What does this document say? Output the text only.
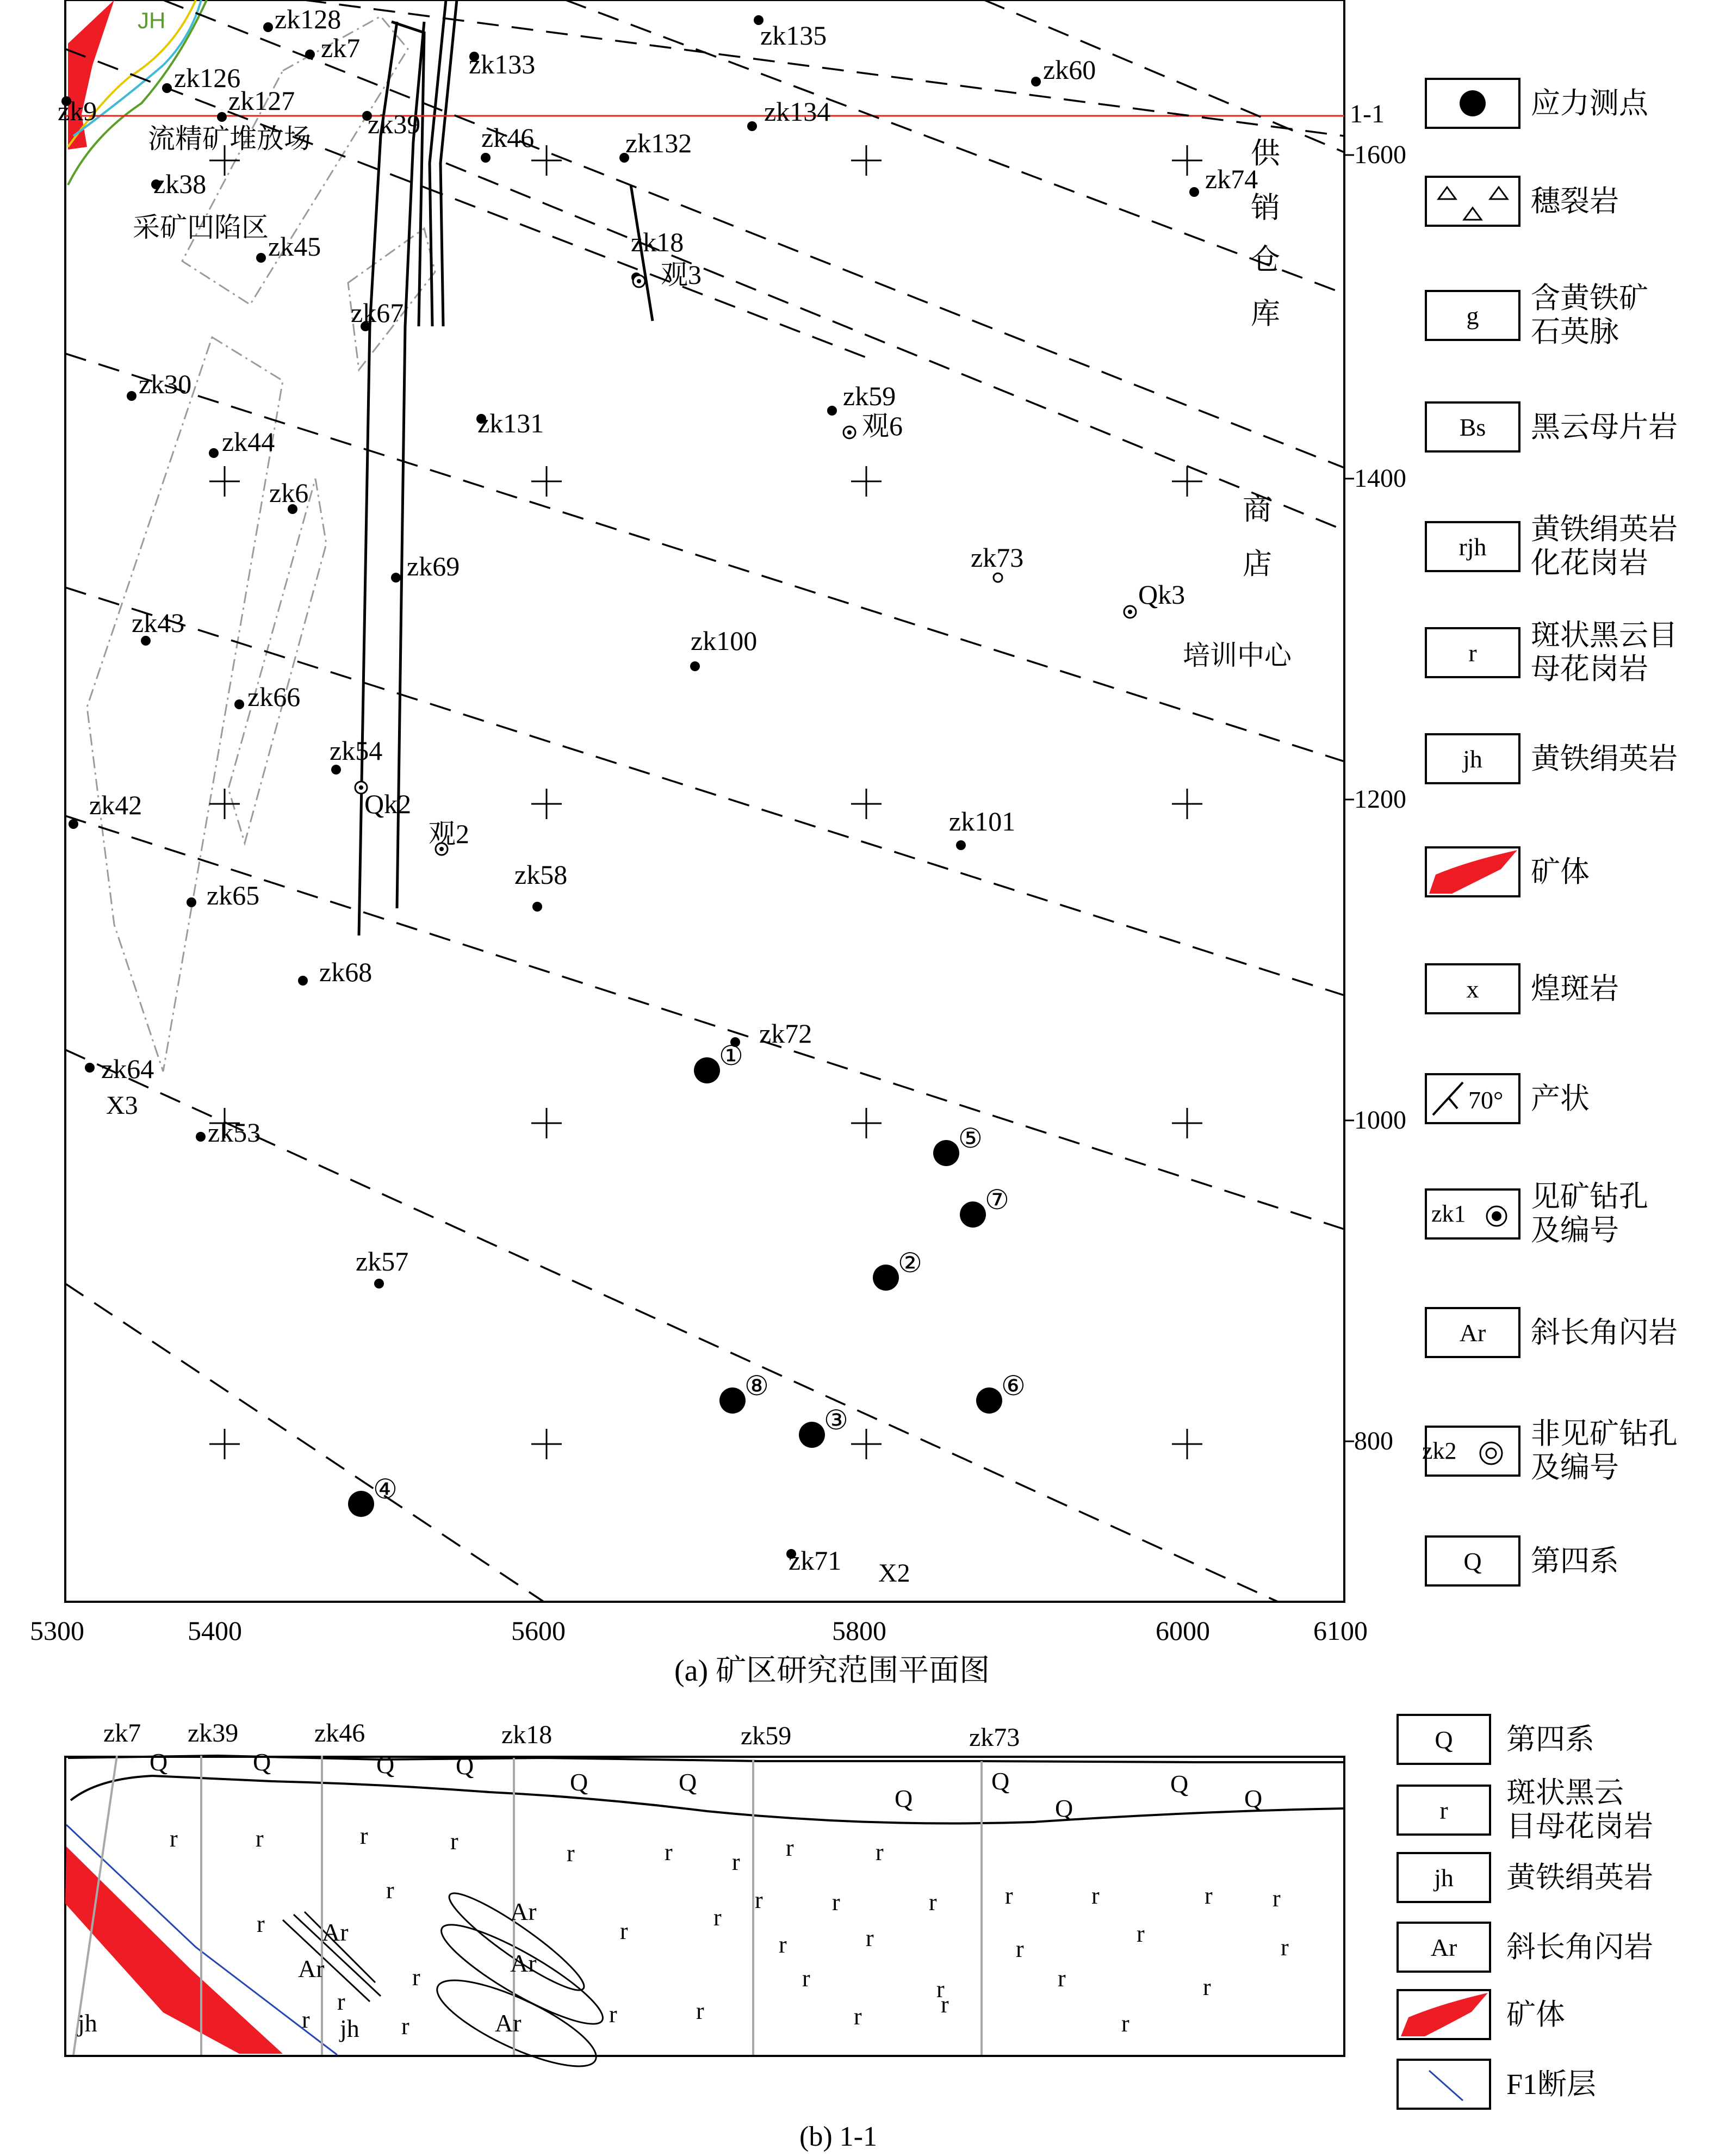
zk128
zk7
zk133
zk135
zk60
zk126
zk127
zk9	zk39	zk134
zk46	zk132
zk38	zk74
zk45	zk18
zk67
zk30
zk131
zk59
zk44
zk6
zk69	zk73
zk43
zk100
zk66
zk54
zk42
zk101
zk65
zk58
zk68
zk72
zk64
zk53
zk57
zk71
观3
观6
观2
Qk3
Qk2
①
②
③
④
⑤
⑥
⑦
⑧
流精矿堆放场
采矿凹陷区
供
销
仓
库
商
店
培训中心
X3
X2
JH
1-1
1600
1400
1200
1000
800
5300	5400	5600	5800	6000	6100
(a) 矿区研究范围平面图
应力测点
穗裂岩
g
含黄铁矿
石英脉
Bs 黑云母片岩
rjh
黄铁绢英岩
化花岗岩
r
斑状黑云目
母花岗岩
jh 黄铁绢英岩
矿体
x 煌斑岩
70° 产状
zk1
见矿钻孔
及编号
Ar 斜长角闪岩
zk2
非见矿钻孔
及编号
Q 第四系
zk7 zk39	zk46	zk18	zk59	zk73
Q	Q	Q Q
Q	Q
Q
Q
Q
Q
Q
r	r	r	r	r	r r
r	r
r	r	r	r	r	r	r	r
r
r
r
r	r	r
r	r
r	r	r	r	r
r	r	r	r	r
r
r
r
Ar
Ar
Ar
Ar
Ar
jh	jh
(b) 1-1
Q 第四系
r
斑状黑云
目母花岗岩
jh 黄铁绢英岩
Ar 斜长角闪岩
矿体
F1断层
